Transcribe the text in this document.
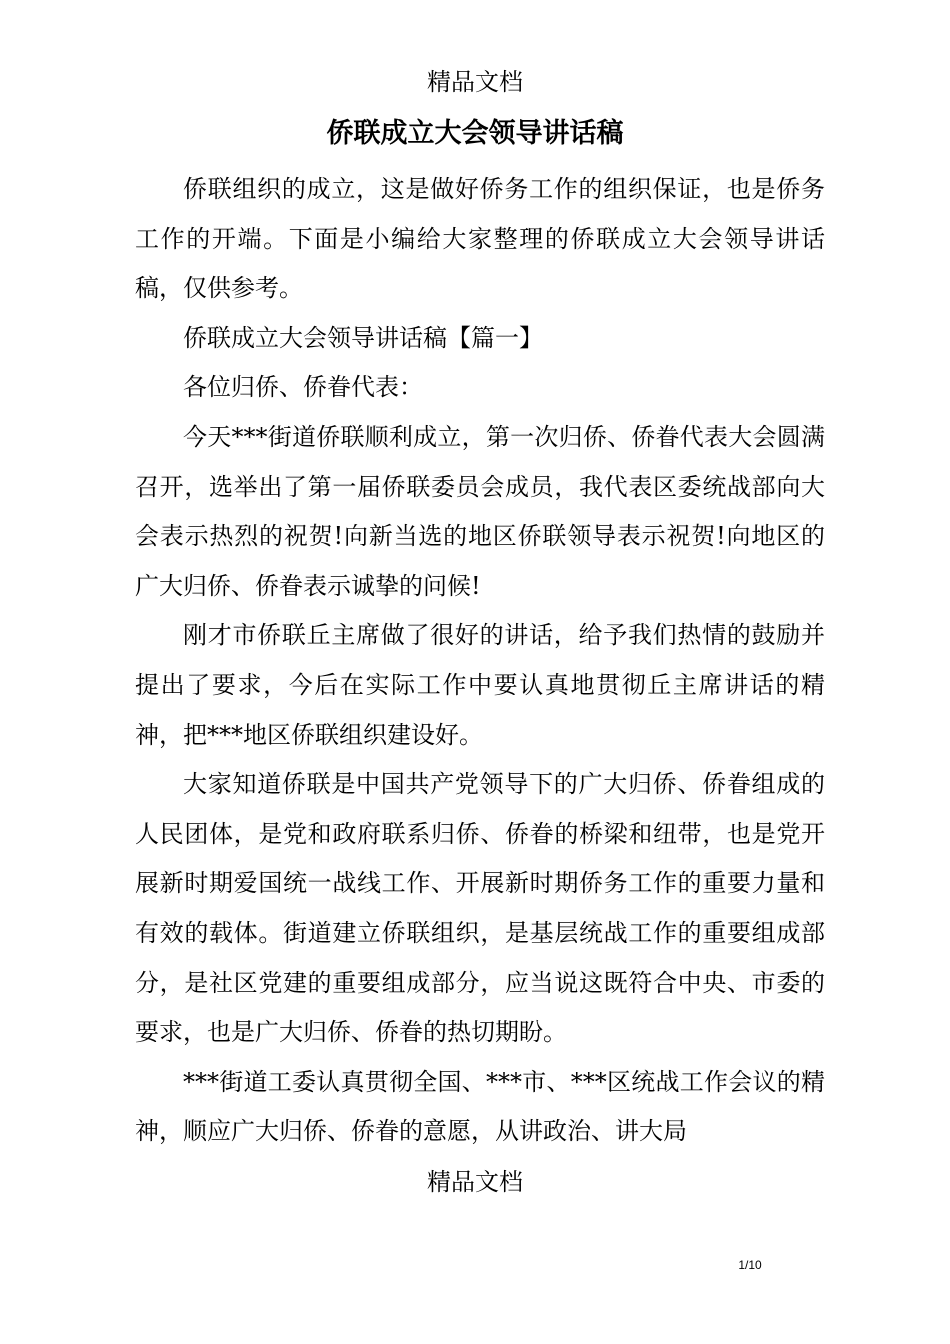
精品文档
侨联成立大会领导讲话稿

侨联组织的成立，这是做好侨务工作的组织保证，也是侨务工作的开端。下面是小编给大家整理的侨联成立大会领导讲话稿，仅供参考。

侨联成立大会领导讲话稿【篇一】

各位归侨、侨眷代表：

今天***街道侨联顺利成立，第一次归侨、侨眷代表大会圆满召开，选举出了第一届侨联委员会成员，我代表区委统战部向大会表示热烈的祝贺!向新当选的地区侨联领导表示祝贺!向地区的广大归侨、侨眷表示诚挚的问候!

刚才市侨联丘主席做了很好的讲话，给予我们热情的鼓励并提出了要求，今后在实际工作中要认真地贯彻丘主席讲话的精神，把***地区侨联组织建设好。

大家知道侨联是中国共产党领导下的广大归侨、侨眷组成的人民团体，是党和政府联系归侨、侨眷的桥梁和纽带，也是党开展新时期爱国统一战线工作、开展新时期侨务工作的重要力量和有效的载体。街道建立侨联组织，是基层统战工作的重要组成部分，是社区党建的重要组成部分，应当说这既符合中央、市委的要求，也是广大归侨、侨眷的热切期盼。

***街道工委认真贯彻全国、***市、***区统战工作会议的精神，顺应广大归侨、侨眷的意愿，从讲政治、讲大局

精品文档
1/10
